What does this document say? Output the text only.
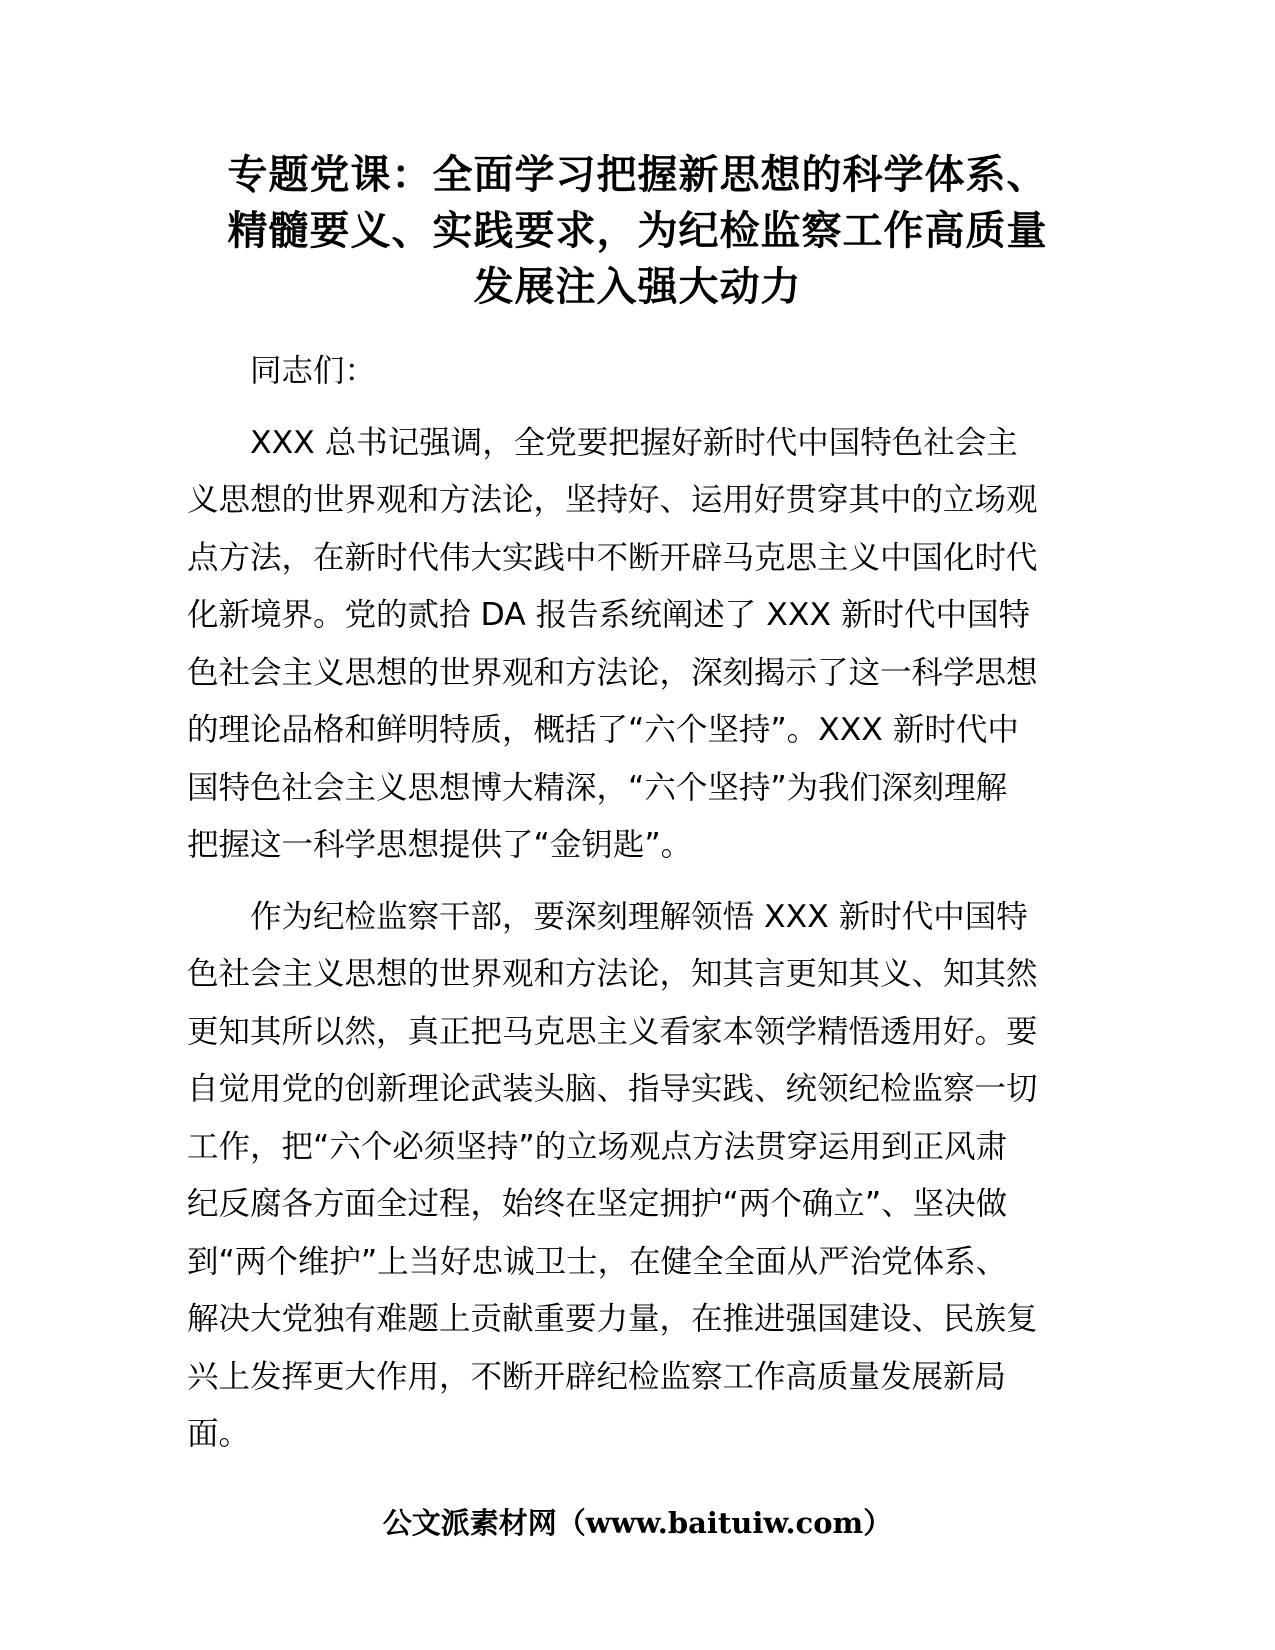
专题党课：全面学习把握新思想的科学体系、
精髓要义、实践要求，为纪检监察工作高质量
发展注入强大动力

同志们：

XXX 总书记强调，全党要把握好新时代中国特色社会主
义思想的世界观和方法论，坚持好、运用好贯穿其中的立场观
点方法，在新时代伟大实践中不断开辟马克思主义中国化时代
化新境界。党的贰拾 DA 报告系统阐述了 XXX 新时代中国特
色社会主义思想的世界观和方法论，深刻揭示了这一科学思想
的理论品格和鲜明特质，概括了“六个坚持”。XXX 新时代中
国特色社会主义思想博大精深，“六个坚持”为我们深刻理解
把握这一科学思想提供了“金钥匙”。

作为纪检监察干部，要深刻理解领悟 XXX 新时代中国特
色社会主义思想的世界观和方法论，知其言更知其义、知其然
更知其所以然，真正把马克思主义看家本领学精悟透用好。要
自觉用党的创新理论武装头脑、指导实践、统领纪检监察一切
工作，把“六个必须坚持”的立场观点方法贯穿运用到正风肃
纪反腐各方面全过程，始终在坚定拥护“两个确立”、坚决做
到“两个维护”上当好忠诚卫士，在健全全面从严治党体系、
解决大党独有难题上贡献重要力量，在推进强国建设、民族复
兴上发挥更大作用，不断开辟纪检监察工作高质量发展新局
面。

公文派素材网（www.baituiw.com）
